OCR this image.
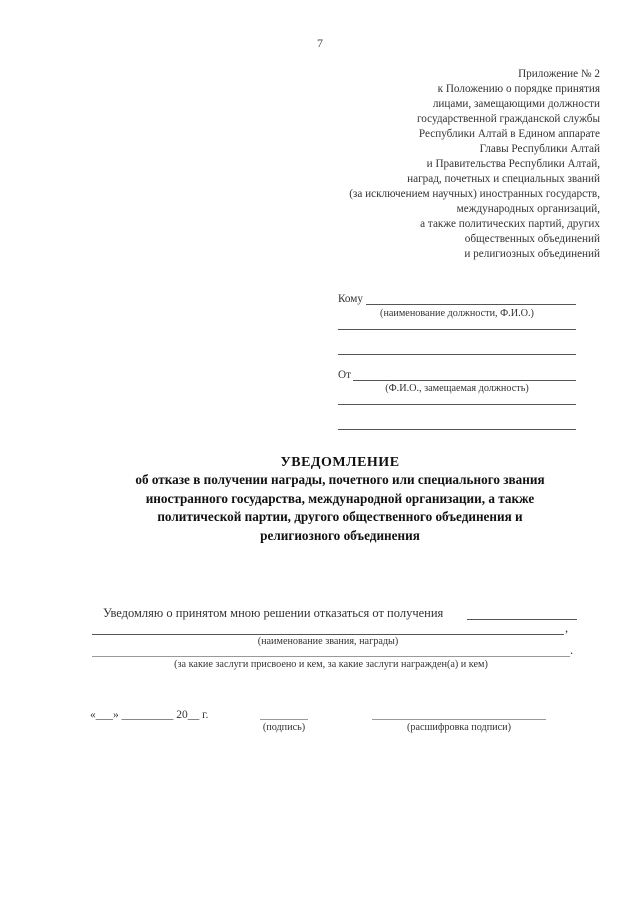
7
Приложение № 2
к Положению о порядке принятия
лицами, замещающими должности
государственной гражданской службы
Республики Алтай в Едином аппарате
Главы Республики Алтай
и Правительства Республики Алтай,
наград, почетных и специальных званий
(за исключением научных) иностранных государств,
международных организаций,
а также политических партий, других
общественных объединений
и религиозных объединений
Кому
(наименование должности, Ф.И.О.)
От
(Ф.И.О., замещаемая должность)
УВЕДОМЛЕНИЕ
об отказе в получении награды, почетного или специального звания
иностранного государства, международной организации, а также
политической партии, другого общественного объединения и
религиозного объединения
Уведомляю о принятом мною решении отказаться от получения
,
(наименование звания, награды)
.
(за какие заслуги присвоено и кем, за какие заслуги награжден(а) и кем)
«___» _________ 20__ г.
(подпись)	(расшифровка подписи)
